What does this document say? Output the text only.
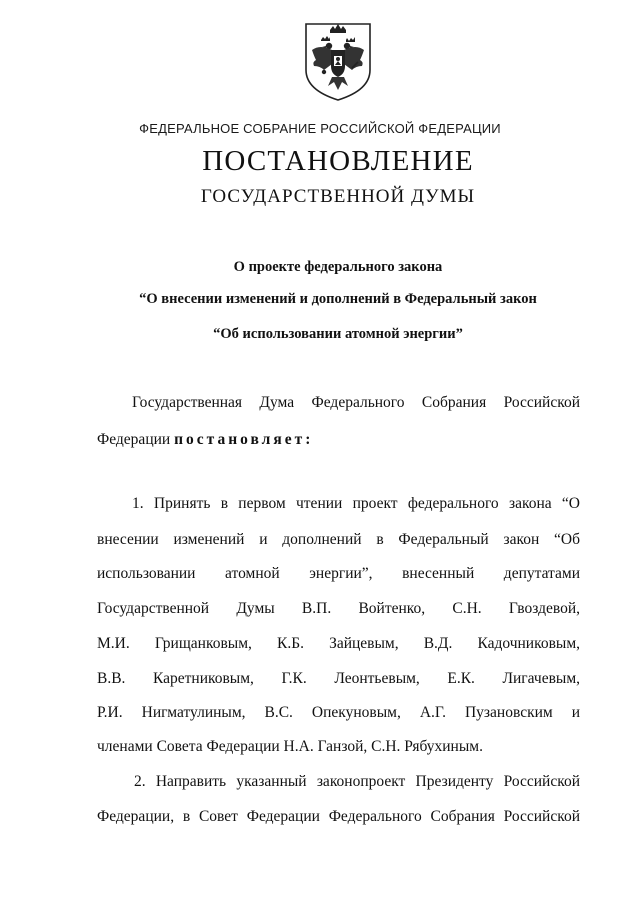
ФЕДЕРАЛЬНОЕ СОБРАНИЕ РОССИЙСКОЙ ФЕДЕРАЦИИ
ПОСТАНОВЛЕНИЕ
ГОСУДАРСТВЕННОЙ ДУМЫ
О проекте федерального закона
“О внесении изменений и дополнений в Федеральный закон
“Об использовании атомной энергии”
Государственная Дума Федерального Собрания Российской
Федерации постановляет:
1. Принять в первом чтении проект федерального закона “О
внесении изменений и дополнений в Федеральный закон “Об
использовании атомной энергии”, внесенный депутатами
Государственной Думы В.П. Войтенко, С.Н. Гвоздевой,
М.И. Грищанковым, К.Б. Зайцевым, В.Д. Кадочниковым,
В.В. Каретниковым, Г.К. Леонтьевым, Е.К. Лигачевым,
Р.И. Нигматулиным, В.С. Опекуновым, А.Г. Пузановским и
членами Совета Федерации Н.А. Ганзой, С.Н. Рябухиным.
2. Направить указанный законопроект Президенту Российской
Федерации, в Совет Федерации Федерального Собрания Российской
